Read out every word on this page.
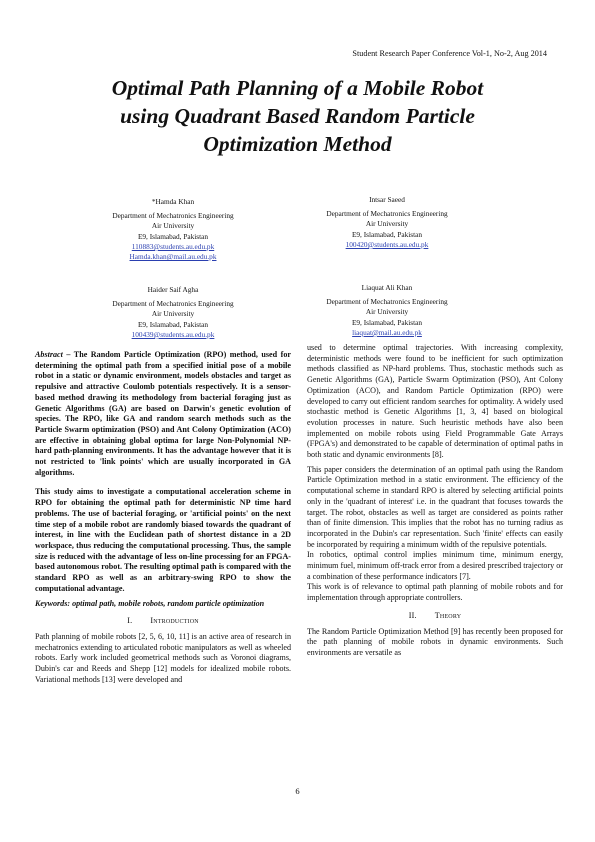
Student Research Paper Conference Vol-1, No-2, Aug 2014
Optimal Path Planning of a Mobile Robot
using Quadrant Based Random Particle
Optimization Method
*Hamda Khan
Department of Mechatronics Engineering
Air University
E9, Islamabad, Pakistan
110883@students.au.edu.pk
Hamda.khan@mail.au.edu.pk
Intsar Saeed
Department of Mechatronics Engineering
Air University
E9, Islamabad, Pakistan
100420@students.au.edu.pk
Haider Saif Agha
Department of Mechatronics Engineering
Air University
E9, Islamabad, Pakistan
100439@students.au.edu.pk
Liaquat Ali Khan
Department of Mechatronics Engineering
Air University
E9, Islamabad, Pakistan
liaquat@mail.au.edu.pk

Abstract – The Random Particle Optimization (RPO) method, used for determining the optimal path from a specified initial pose of a mobile robot in a static or dynamic environment, models obstacles and target as repulsive and attractive Coulomb potentials respectively. It is a sensor-based method drawing its methodology from bacterial foraging just as Genetic Algorithms (GA) are based on Darwin's genetic evolution of species. The RPO, like GA and random search methods such as the Particle Swarm optimization (PSO) and Ant Colony Optimization (ACO) are effective in obtaining global optima for large Non-Polynomial NP-hard path-planning environments. It has the advantage however that it is not restricted to 'link points' which are usually incorporated in GA algorithms.

This study aims to investigate a computational acceleration scheme in RPO for obtaining the optimal path for deterministic NP time hard problems. The use of bacterial foraging, or 'artificial points' on the next time step of a mobile robot are randomly biased towards the quadrant of interest, in line with the Euclidean path of shortest distance in a 2D workspace, thus reducing the computational processing. Thus, the sample size is reduced with the advantage of less on-line processing for an FPGA-based autonomous robot. The resulting optimal path is compared with the standard RPO as well as an arbitrary-swing RPO to show the computational advantage.

Keywords: optimal path, mobile robots, random particle optimization

I. Introduction

Path planning of mobile robots [2, 5, 6, 10, 11] is an active area of research in mechatronics extending to articulated robotic manipulators as well as wheeled robots. Early work included geometrical methods such as Voronoi diagrams, Dubin's car and Reeds and Shepp [12] models for idealized mobile robots. Variational methods [13] were developed and

used to determine optimal trajectories. With increasing complexity, deterministic methods were found to be inefficient for such optimization methods classified as NP-hard problems. Thus, stochastic methods such as Genetic Algorithms (GA), Particle Swarm Optimization (PSO), Ant Colony Optimization (ACO), and Random Particle Optimization (RPO) were developed to carry out efficient random searches for optimality. A widely used stochastic method is Genetic Algorithms [1, 3, 4] based on biological evolution processes in nature. Such heuristic methods have also been implemented on mobile robots using Field Programmable Gate Arrays (FPGA's) and demonstrated to be capable of determination of optimal paths in both static and dynamic environments [8].

This paper considers the determination of an optimal path using the Random Particle Optimization method in a static environment. The efficiency of the computational scheme in standard RPO is altered by selecting artificial points only in the 'quadrant of interest' i.e. in the quadrant that focuses towards the target. The robot, obstacles as well as target are considered as points rather than of finite dimension. This implies that the robot has no turning radius as incorporated in the Dubin's car representation. Such 'finite' effects can easily be incorporated by requiring a minimum width of the repulsive potentials.

In robotics, optimal control implies minimum time, minimum energy, minimum fuel, minimum off-track error from a desired prescribed trajectory or a combination of these performance indicators [7].

This work is of relevance to optimal path planning of mobile robots and for implementation through appropriate controllers.

II. Theory

The Random Particle Optimization Method [9] has recently been proposed for the path planning of mobile robots in dynamic environments. Such environments are versatile as

6
